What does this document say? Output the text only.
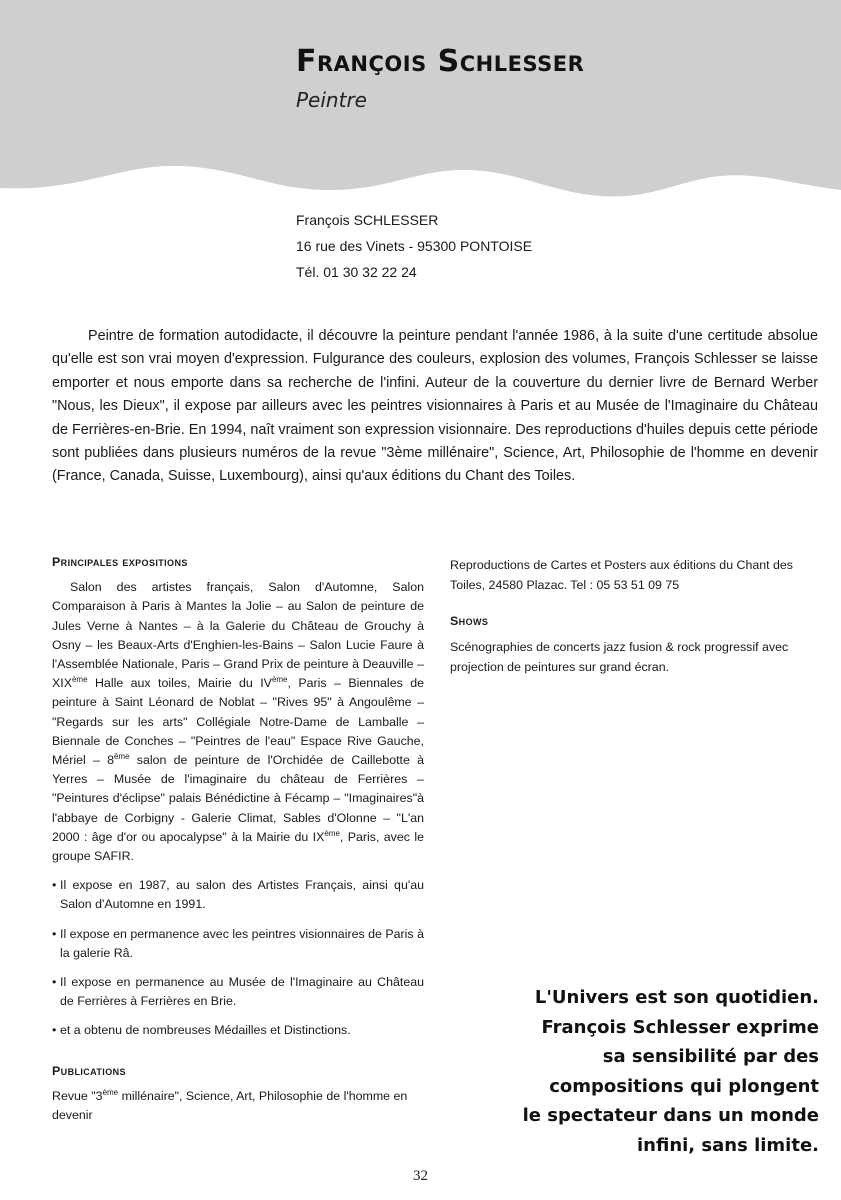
François Schlesser

Peintre

François SCHLESSER
16 rue des Vinets - 95300 PONTOISE
Tél. 01 30 32 22 24

Peintre de formation autodidacte, il découvre la peinture pendant l'année 1986, à la suite d'une certitude absolue qu'elle est son vrai moyen d'expression. Fulgurance des couleurs, explosion des volumes, François Schlesser se laisse emporter et nous emporte dans sa recherche de l'infini. Auteur de la couverture du dernier livre de Bernard Werber "Nous, les Dieux", il expose par ailleurs avec les peintres visionnaires à Paris et au Musée de l'Imaginaire du Château de Ferrières-en-Brie. En 1994, naît vraiment son expression visionnaire. Des reproductions d'huiles depuis cette période sont publiées dans plusieurs numéros de la revue "3ème millénaire", Science, Art, Philosophie de l'homme en devenir (France, Canada, Suisse, Luxembourg), ainsi qu'aux éditions du Chant des Toiles.

Principales expositions
Salon des artistes français, Salon d'Automne, Salon Comparaison à Paris à Mantes la Jolie – au Salon de peinture de Jules Verne à Nantes – à la Galerie du Château de Grouchy à Osny – les Beaux-Arts d'Enghien-les-Bains – Salon Lucie Faure à l'Assemblée Nationale, Paris – Grand Prix de peinture à Deauville – XIXème Halle aux toiles, Mairie du IVème, Paris – Biennales de peinture à Saint Léonard de Noblat – "Rives 95" à Angoulême – "Regards sur les arts" Collégiale Notre-Dame de Lamballe – Biennale de Conches – "Peintres de l'eau" Espace Rive Gauche, Mériel – 8ème salon de peinture de l'Orchidée de Caillebotte à Yerres – Musée de l'imaginaire du château de Ferrières – "Peintures d'éclipse" palais Bénédictine à Fécamp – "Imaginaires"à l'abbaye de Corbigny - Galerie Climat, Sables d'Olonne – "L'an 2000 : âge d'or ou apocalypse" à la Mairie du IXème, Paris, avec le groupe SAFIR.
• Il expose en 1987, au salon des Artistes Français, ainsi qu'au Salon d'Automne en 1991.
• Il expose en permanence avec les peintres visionnaires de Paris à la galerie Râ.
• Il expose en permanence au Musée de l'Imaginaire au Château de Ferrières à Ferrières en Brie.
• et a obtenu de nombreuses Médailles et Distinctions.
Publications
Revue "3ème millénaire", Science, Art, Philosophie de l'homme en devenir
Reproductions de Cartes et Posters aux éditions du Chant des Toiles, 24580 Plazac. Tel : 05 53 51 09 75
Shows
Scénographies de concerts jazz fusion & rock progressif avec projection de peintures sur grand écran.
L'Univers est son quotidien.
François Schlesser exprime
sa sensibilité par des
compositions qui plongent
le spectateur dans un monde
infini, sans limite.
32
